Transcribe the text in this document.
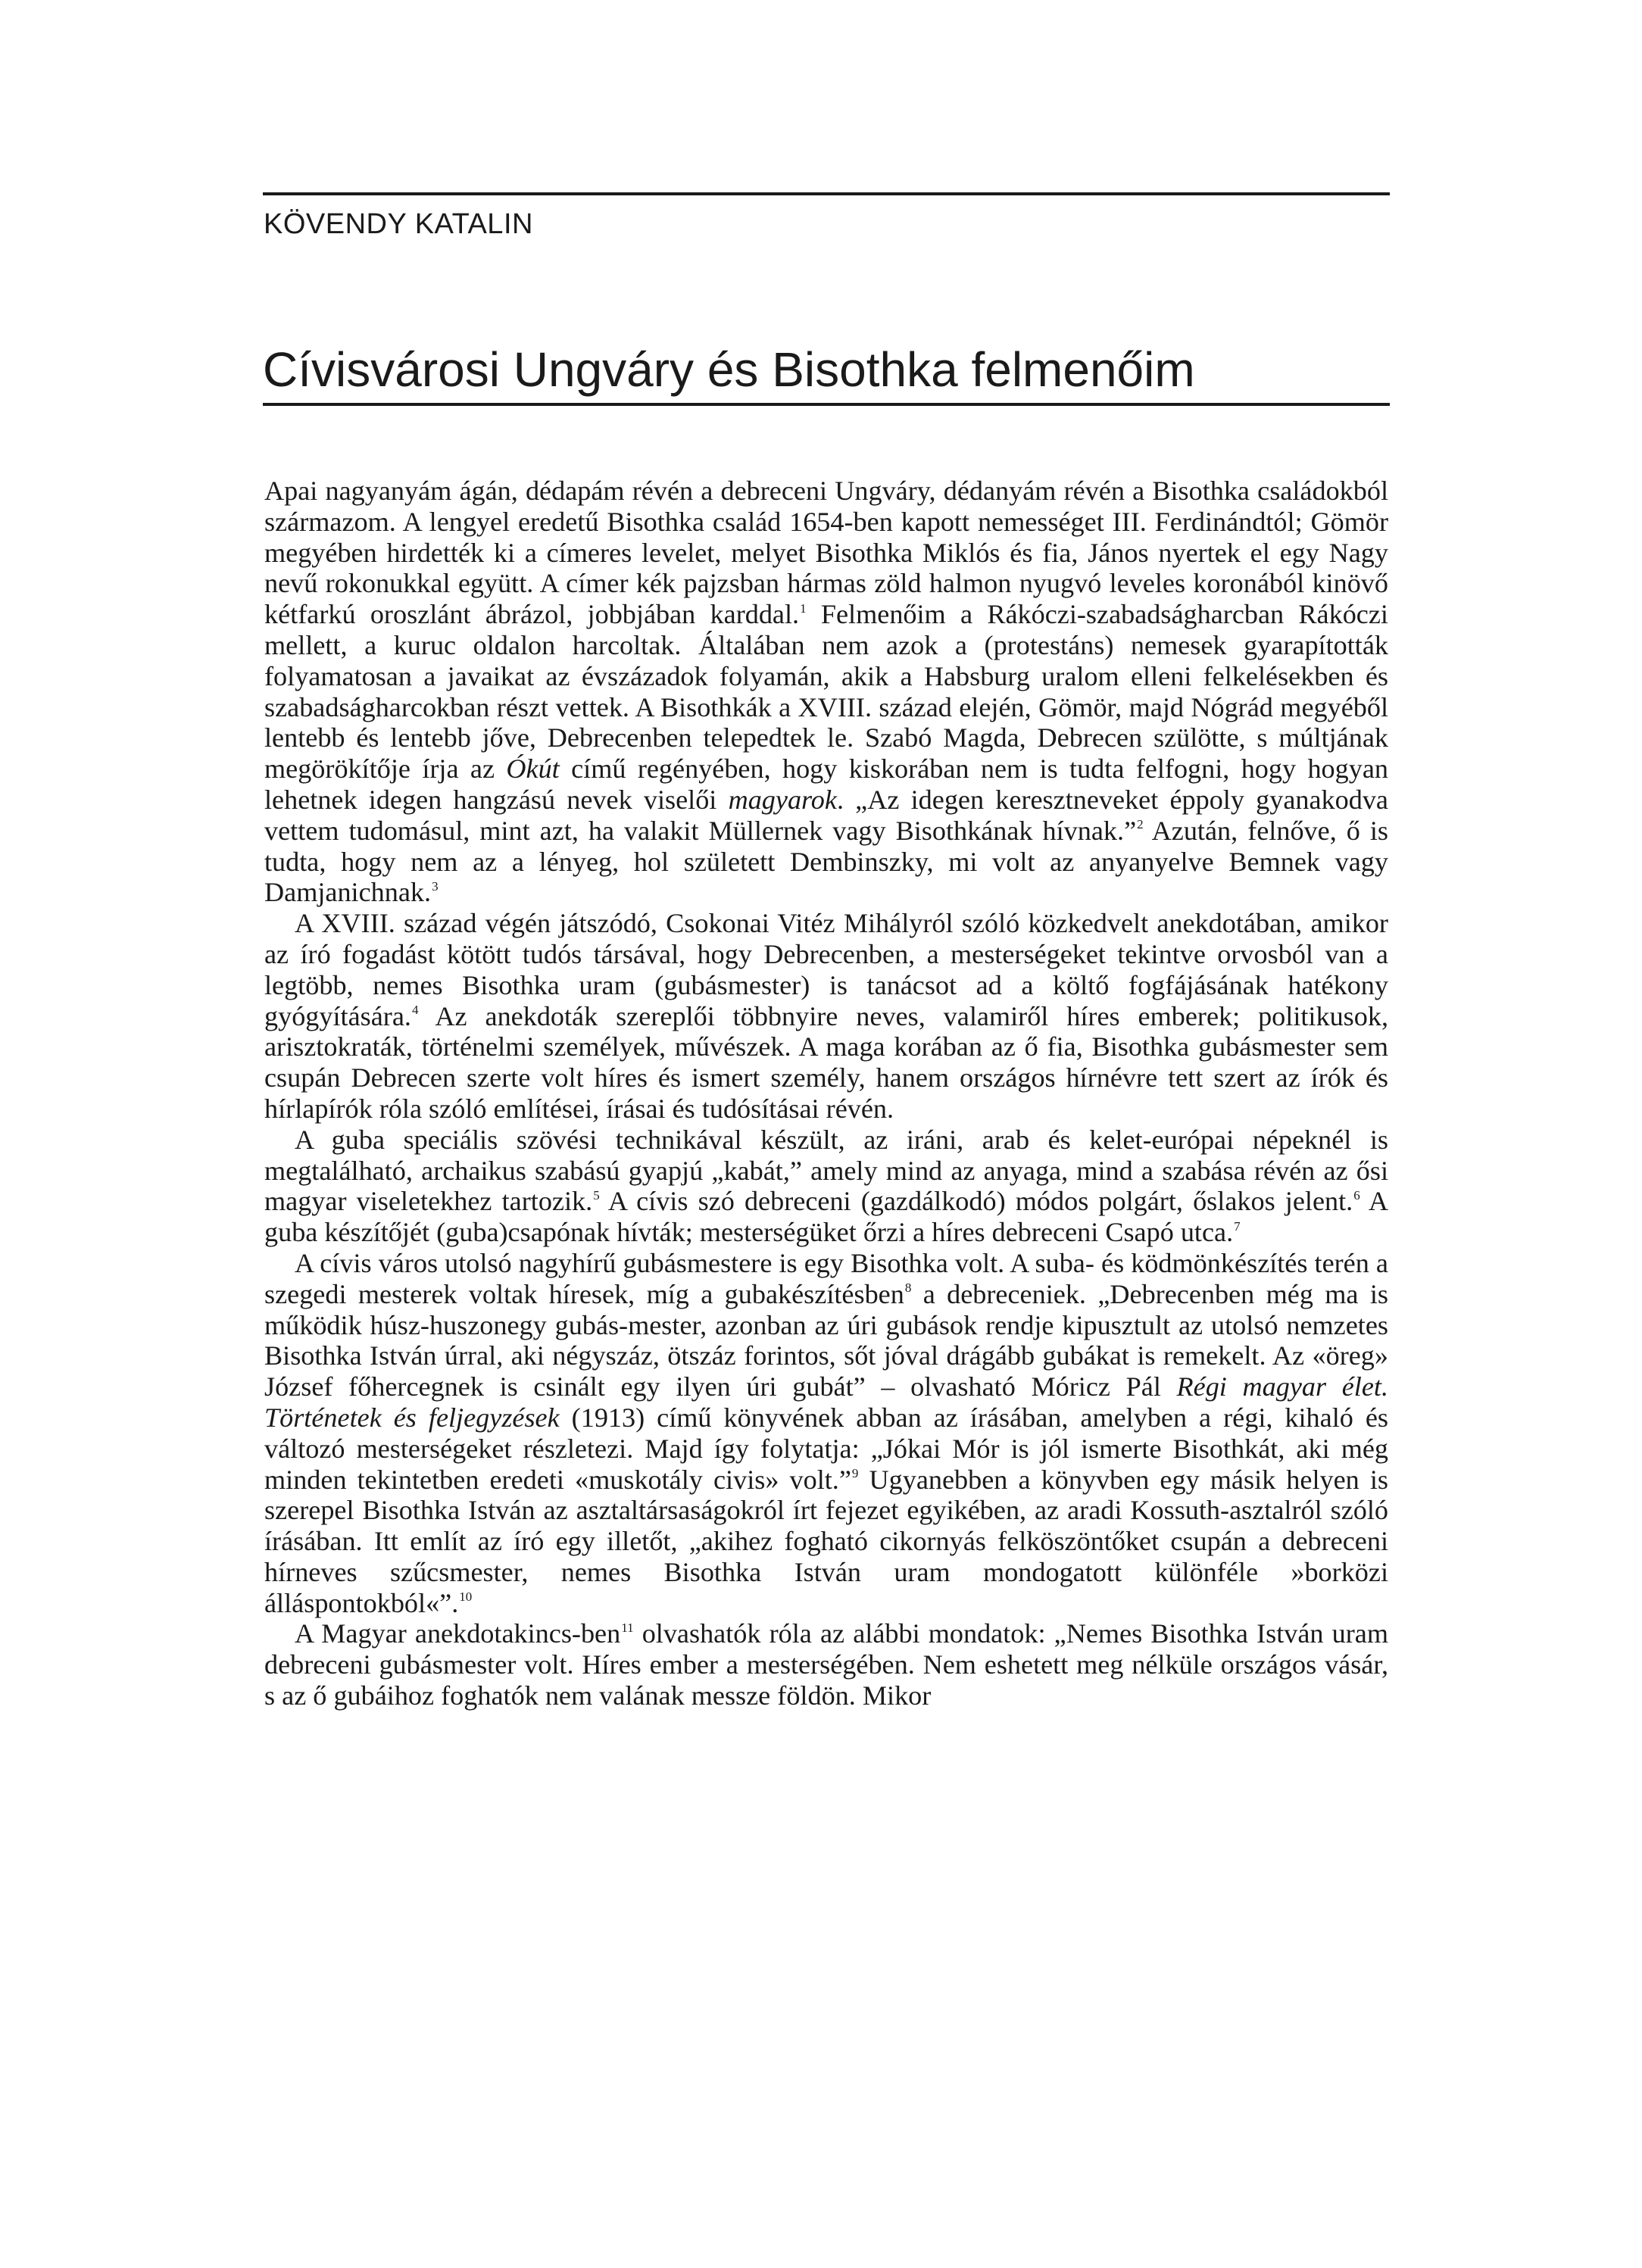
KÖVENDY KATALIN
Cívisvárosi Ungváry és Bisothka felmenőim

Apai nagyanyám ágán, dédapám révén a debreceni Ungváry, dédanyám révén a Bisothka családokból származom. A lengyel eredetű Bisothka család 1654-ben kapott nemességet III. Ferdinándtól; Gömör megyében hirdették ki a címeres levelet, melyet Bisothka Miklós és fia, János nyertek el egy Nagy nevű rokonukkal együtt. A címer kék pajzsban hármas zöld halmon nyugvó leveles koronából kinövő kétfarkú oroszlánt ábrázol, jobbjában karddal.$^1$ Felmenőim a Rákóczi-szabadságharcban Rákóczi mellett, a kuruc oldalon harcoltak. Általában nem azok a (protestáns) nemesek gyarapították folyamatosan a javaikat az évszázadok folyamán, akik a Habsburg uralom elleni felkelésekben és szabadságharcokban részt vettek. A Bisothkák a XVIII. század elején, Gömör, majd Nógrád megyéből lentebb és lentebb jőve, Debrecenben telepedtek le. Szabó Magda, Debrecen szülötte, s múltjának megörökítője írja az Ókút című regényében, hogy kiskorában nem is tudta felfogni, hogy hogyan lehetnek idegen hangzású nevek viselői magyarok. „Az idegen keresztneveket éppoly gyanakodva vettem tudomásul, mint azt, ha valakit Müllernek vagy Bisothkának hívnak.”$^2$ Azután, felnőve, ő is tudta, hogy nem az a lényeg, hol született Dembinszky, mi volt az anyanyelve Bemnek vagy Damjanichnak.$^3$

A XVIII. század végén játszódó, Csokonai Vitéz Mihályról szóló közkedvelt anekdotában, amikor az író fogadást kötött tudós társával, hogy Debrecenben, a mesterségeket tekintve orvosból van a legtöbb, nemes Bisothka uram (gubásmester) is tanácsot ad a költő fogfájásának hatékony gyógyítására.$^4$ Az anekdoták szereplői többnyire neves, valamiről híres emberek; politikusok, arisztokraták, történelmi személyek, művészek. A maga korában az ő fia, Bisothka gubásmester sem csupán Debrecen szerte volt híres és ismert személy, hanem országos hírnévre tett szert az írók és hírlapírók róla szóló említései, írásai és tudósításai révén.

A guba speciális szövési technikával készült, az iráni, arab és kelet-európai népeknél is megtalálható, archaikus szabású gyapjú „kabát,” amely mind az anyaga, mind a szabása révén az ősi magyar viseletekhez tartozik.$^5$ A cívis szó debreceni (gazdálkodó) módos polgárt, őslakos jelent.$^6$ A guba készítőjét (guba)csapónak hívták; mesterségüket őrzi a híres debreceni Csapó utca.$^7$

A cívis város utolsó nagyhírű gubásmestere is egy Bisothka volt. A suba- és ködmönkészítés terén a szegedi mesterek voltak híresek, míg a gubakészítésben$^8$ a debreceniek. „Debrecenben még ma is működik húsz-huszonegy gubás-mester, azonban az úri gubások rendje kipusztult az utolsó nemzetes Bisothka István úrral, aki négyszáz, ötszáz forintos, sőt jóval drágább gubákat is remekelt. Az «öreg» József főhercegnek is csinált egy ilyen úri gubát” – olvasható Móricz Pál Régi magyar élet. Történetek és feljegyzések (1913) című könyvének abban az írásában, amelyben a régi, kihaló és változó mesterségeket részletezi. Majd így folytatja: „Jókai Mór is jól ismerte Bisothkát, aki még minden tekintetben eredeti «muskotály civis» volt.”$^9$ Ugyanebben a könyvben egy másik helyen is szerepel Bisothka István az asztaltársaságokról írt fejezet egyikében, az aradi Kossuth-asztalról szóló írásában. Itt említ az író egy illetőt, „akihez fogható cikornyás felköszöntőket csupán a debreceni hírneves szűcsmester, nemes Bisothka István uram mondogatott különféle »borközi álláspontokból«”.$^{10}$

A Magyar anekdotakincs-ben$^{11}$ olvashatók róla az alábbi mondatok: „Nemes Bisothka István uram debreceni gubásmester volt. Híres ember a mesterségében. Nem eshetett meg nélküle országos vásár, s az ő gubáihoz foghatók nem valának messze földön. Mikor
